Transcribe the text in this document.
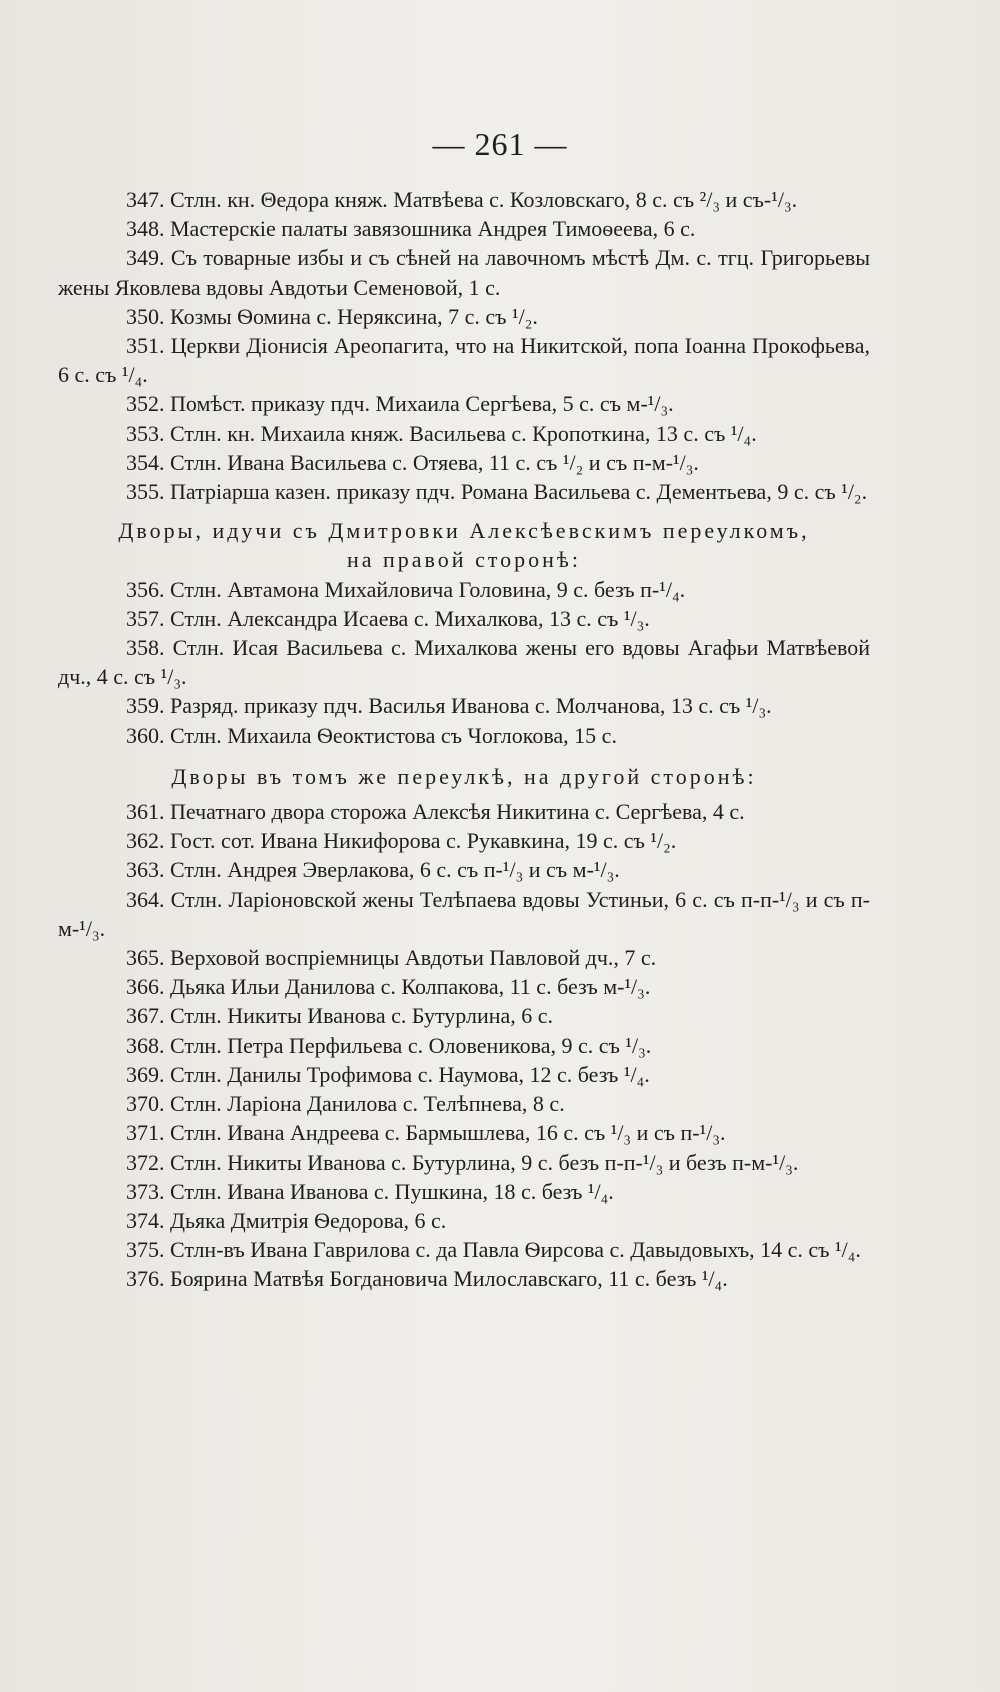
— 261 —

347. Стлн. кн. Θедора княж. Матвѣева с. Козловскаго, 8 с. съ ²/₃ и съ-¹/₃.

348. Мастерскіе палаты завязошника Андрея Тимоѳеева, 6 с.

349. Съ товарные избы и съ сѣней на лавочномъ мѣстѣ Дм. с. тгц. Григорьевы жены Яковлева вдовы Авдотьи Семеновой, 1 с.

350. Козмы Ѳомина с. Неряксина, 7 с. съ ¹/₂.

351. Церкви Діонисія Ареопагита, что на Никитской, попа Іоанна Прокофьева, 6 с. съ ¹/₄.

352. Помѣст. приказу пдч. Михаила Сергѣева, 5 с. съ м-¹/₃.

353. Стлн. кн. Михаила княж. Васильева с. Кропоткина, 13 с. съ ¹/₄.

354. Стлн. Ивана Васильева с. Отяева, 11 с. съ ¹/₂ и съ п-м-¹/₃.

355. Патріарша казен. приказу пдч. Романа Васильева с. Дементьева, 9 с. съ ¹/₂.

Дворы, идучи съ Дмитровки Алексѣевскимъ переулкомъ,
на правой сторонѣ:

356. Стлн. Автамона Михайловича Головина, 9 с. безъ п-¹/₄.

357. Стлн. Александра Исаева с. Михалкова, 13 с. съ ¹/₃.

358. Стлн. Исая Васильева с. Михалкова жены его вдовы Агафьи Матвѣевой дч., 4 с. съ ¹/₃.

359. Разряд. приказу пдч. Василья Иванова с. Молчанова, 13 с. съ ¹/₃.

360. Стлн. Михаила Ѳеоктистова съ Чоглокова, 15 с.

Дворы въ томъ же переулкѣ, на другой сторонѣ:

361. Печатнаго двора сторожа Алексѣя Никитина с. Сергѣева, 4 с.

362. Гост. сот. Ивана Никифорова с. Рукавкина, 19 с. съ ¹/₂.

363. Стлн. Андрея Эверлакова, 6 с. съ п-¹/₃ и съ м-¹/₃.

364. Стлн. Ларіоновской жены Телѣпаева вдовы Устиньи, 6 с. съ п-п-¹/₃ и съ п-м-¹/₃.

365. Верховой воспріемницы Авдотьи Павловой дч., 7 с.

366. Дьяка Ильи Данилова с. Колпакова, 11 с. безъ м-¹/₃.

367. Стлн. Никиты Иванова с. Бутурлина, 6 с.

368. Стлн. Петра Перфильева с. Оловеникова, 9 с. съ ¹/₃.

369. Стлн. Данилы Трофимова с. Наумова, 12 с. безъ ¹/₄.

370. Стлн. Ларіона Данилова с. Телѣпнева, 8 с.

371. Стлн. Ивана Андреева с. Бармышлева, 16 с. съ ¹/₃ и съ п-¹/₃.

372. Стлн. Никиты Иванова с. Бутурлина, 9 с. безъ п-п-¹/₃ и безъ п-м-¹/₃.

373. Стлн. Ивана Иванова с. Пушкина, 18 с. безъ ¹/₄.

374. Дьяка Дмитрія Ѳедорова, 6 с.

375. Стлн-въ Ивана Гаврилова с. да Павла Ѳирсова с. Давыдовыхъ, 14 с. съ ¹/₄.

376. Боярина Матвѣя Богдановича Милославскаго, 11 с. безъ ¹/₄.
